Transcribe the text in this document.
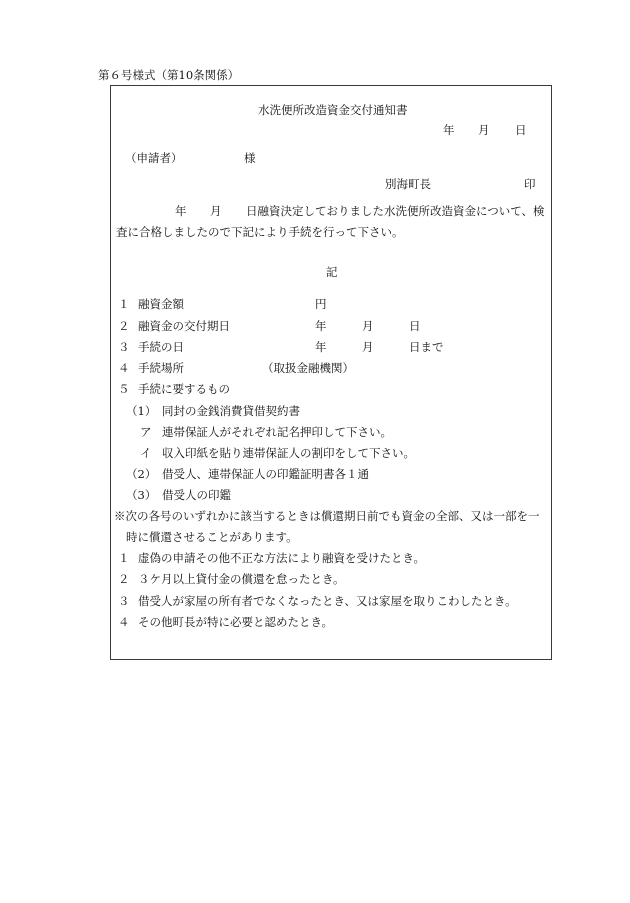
第６号様式（第10条関係）
水洗便所改造資金交付通知書
年 月 日
（申請者）	様
別海町長	印
年 月 日融資決定しておりました水洗便所改造資金について、検
査に合格しましたので下記により手続を行って下さい。
記
１ 融資金額	円
２ 融資金の交付期日	年	月	日
３ 手続の日	年	月	日まで
４ 手続場所	（取扱金融機関）
５ 手続に要するもの
（1） 同封の金銭消費貸借契約書
ア 連帯保証人がそれぞれ記名押印して下さい。
イ 収入印紙を貼り連帯保証人の割印をして下さい。
（2） 借受人、連帯保証人の印鑑証明書各１通
（3） 借受人の印鑑
※次の各号のいずれかに該当するときは償還期日前でも資金の全部、又は一部を一
時に償還させることがあります。
１ 虚偽の申請その他不正な方法により融資を受けたとき。
２ ３ケ月以上貸付金の償還を怠ったとき。
３ 借受人が家屋の所有者でなくなったとき、又は家屋を取りこわしたとき。
４ その他町長が特に必要と認めたとき。
